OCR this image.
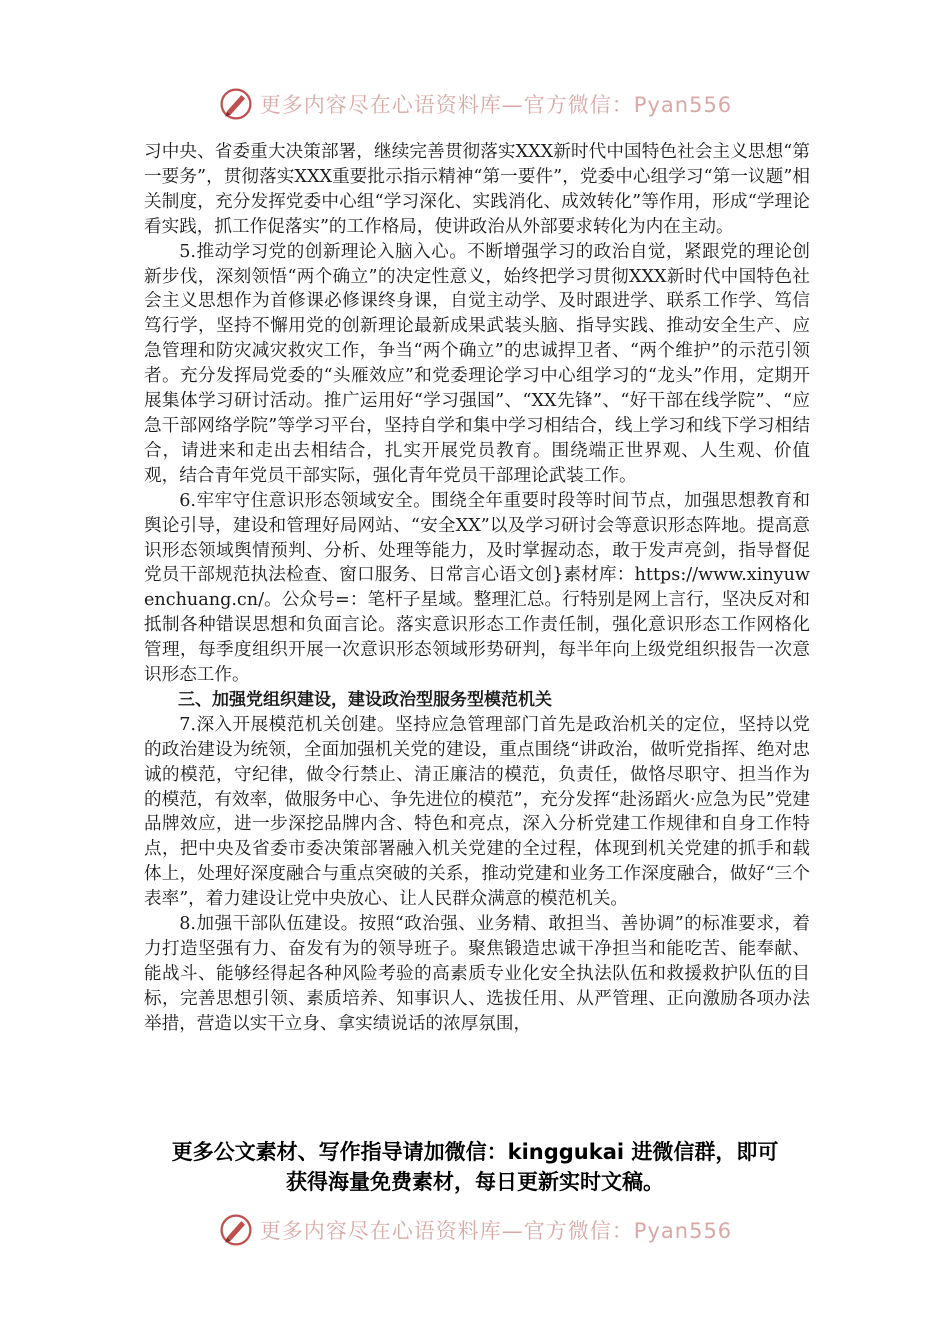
更多内容尽在心语资料库—官方微信：Pyan556

习中央、省委重大决策部署，继续完善贯彻落实XXX新时代中国特色社会主义思想“第一要务”，贯彻落实XXX重要批示指示精神“第一要件”，党委中心组学习“第一议题”相关制度，充分发挥党委中心组“学习深化、实践消化、成效转化”等作用，形成“学理论看实践，抓工作促落实”的工作格局，使讲政治从外部要求转化为内在主动。

5.推动学习党的创新理论入脑入心。不断增强学习的政治自觉，紧跟党的理论创新步伐，深刻领悟“两个确立”的决定性意义，始终把学习贯彻XXX新时代中国特色社会主义思想作为首修课必修课终身课，自觉主动学、及时跟进学、联系工作学、笃信笃行学，坚持不懈用党的创新理论最新成果武装头脑、指导实践、推动安全生产、应急管理和防灾减灾救灾工作，争当“两个确立”的忠诚捍卫者、“两个维护”的示范引领者。充分发挥局党委的“头雁效应”和党委理论学习中心组学习的“龙头”作用，定期开展集体学习研讨活动。推广运用好“学习强国”、“XX先锋”、“好干部在线学院”、“应急干部网络学院”等学习平台，坚持自学和集中学习相结合，线上学习和线下学习相结合，请进来和走出去相结合，扎实开展党员教育。围绕端正世界观、人生观、价值观，结合青年党员干部实际，强化青年党员干部理论武装工作。

6.牢牢守住意识形态领域安全。围绕全年重要时段等时间节点，加强思想教育和舆论引导，建设和管理好局网站、“安全XX”以及学习研讨会等意识形态阵地。提高意识形态领域舆情预判、分析、处理等能力，及时掌握动态，敢于发声亮剑，指导督促党员干部规范执法检查、窗口服务、日常言心语文创}素材库：https://www.xinyuwenchuang.cn/。公众号=：笔杆子星域。整理汇总。行特别是网上言行，坚决反对和抵制各种错误思想和负面言论。落实意识形态工作责任制，强化意识形态工作网格化管理，每季度组织开展一次意识形态领域形势研判，每半年向上级党组织报告一次意识形态工作。

三、加强党组织建设，建设政治型服务型模范机关

7.深入开展模范机关创建。坚持应急管理部门首先是政治机关的定位，坚持以党的政治建设为统领，全面加强机关党的建设，重点围绕“讲政治，做听党指挥、绝对忠诚的模范，守纪律，做令行禁止、清正廉洁的模范，负责任，做恪尽职守、担当作为的模范，有效率，做服务中心、争先进位的模范”，充分发挥“赴汤蹈火·应急为民”党建品牌效应，进一步深挖品牌内含、特色和亮点，深入分析党建工作规律和自身工作特点，把中央及省委市委决策部署融入机关党建的全过程，体现到机关党建的抓手和载体上，处理好深度融合与重点突破的关系，推动党建和业务工作深度融合，做好“三个表率”，着力建设让党中央放心、让人民群众满意的模范机关。

8.加强干部队伍建设。按照“政治强、业务精、敢担当、善协调”的标准要求，着力打造坚强有力、奋发有为的领导班子。聚焦锻造忠诚干净担当和能吃苦、能奉献、能战斗、能够经得起各种风险考验的高素质专业化安全执法队伍和救援救护队伍的目标，完善思想引领、素质培养、知事识人、选拔任用、从严管理、正向激励各项办法举措，营造以实干立身、拿实绩说话的浓厚氛围，

更多公文素材、写作指导请加微信：kinggukai 进微信群，即可
获得海量免费素材，每日更新实时文稿。
更多内容尽在心语资料库—官方微信：Pyan556
